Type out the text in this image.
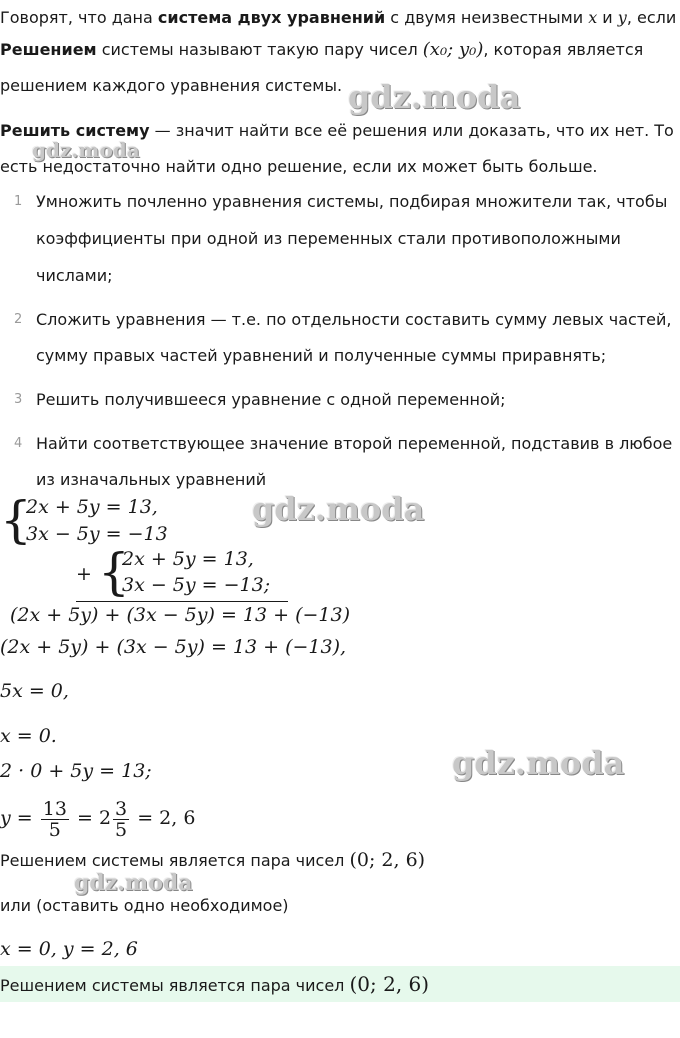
Говорят, что дана система двух уравнений с двумя неизвестными x и y, если
Решением системы называют такую пару чисел (x₀; y₀), которая является
решением каждого уравнения системы. gdz.moda
Решить систему — значит найти все её решения или доказать, что их нет. То
gdz.moda
есть недостаточно найти одно решение, если их может быть больше.
1 Умножить почленно уравнения системы, подбирая множители так, чтобы
коэффициенты при одной из переменных стали противоположными
числами;
2 Сложить уравнения — т.е. по отдельности составить сумму левых частей,
сумму правых частей уравнений и полученные суммы приравнять;
3 Решить получившееся уравнение с одной переменной;
4 Найти соответствующее значение второй переменной, подставив в любое
из изначальных уравнений
{
2x + 5y = 13,
3x − 5y = −13
gdz.moda
+ {
2x + 5y = 13,
3x − 5y = −13;
(2x + 5y) + (3x − 5y) = 13 + (−13)
(2x + 5y) + (3x − 5y) = 13 + (−13),
5x = 0,
x = 0.
2 · 0 + 5y = 13;	gdz.moda
$y = \frac{13}{5} = 2 \frac{3}{5} = 2$, 6
Решением системы является пара чисел (0; 2, 6)
gdz.moda
или (оставить одно необходимое)
x = 0, y = 2, 6
Решением системы является пара чисел (0; 2, 6)
